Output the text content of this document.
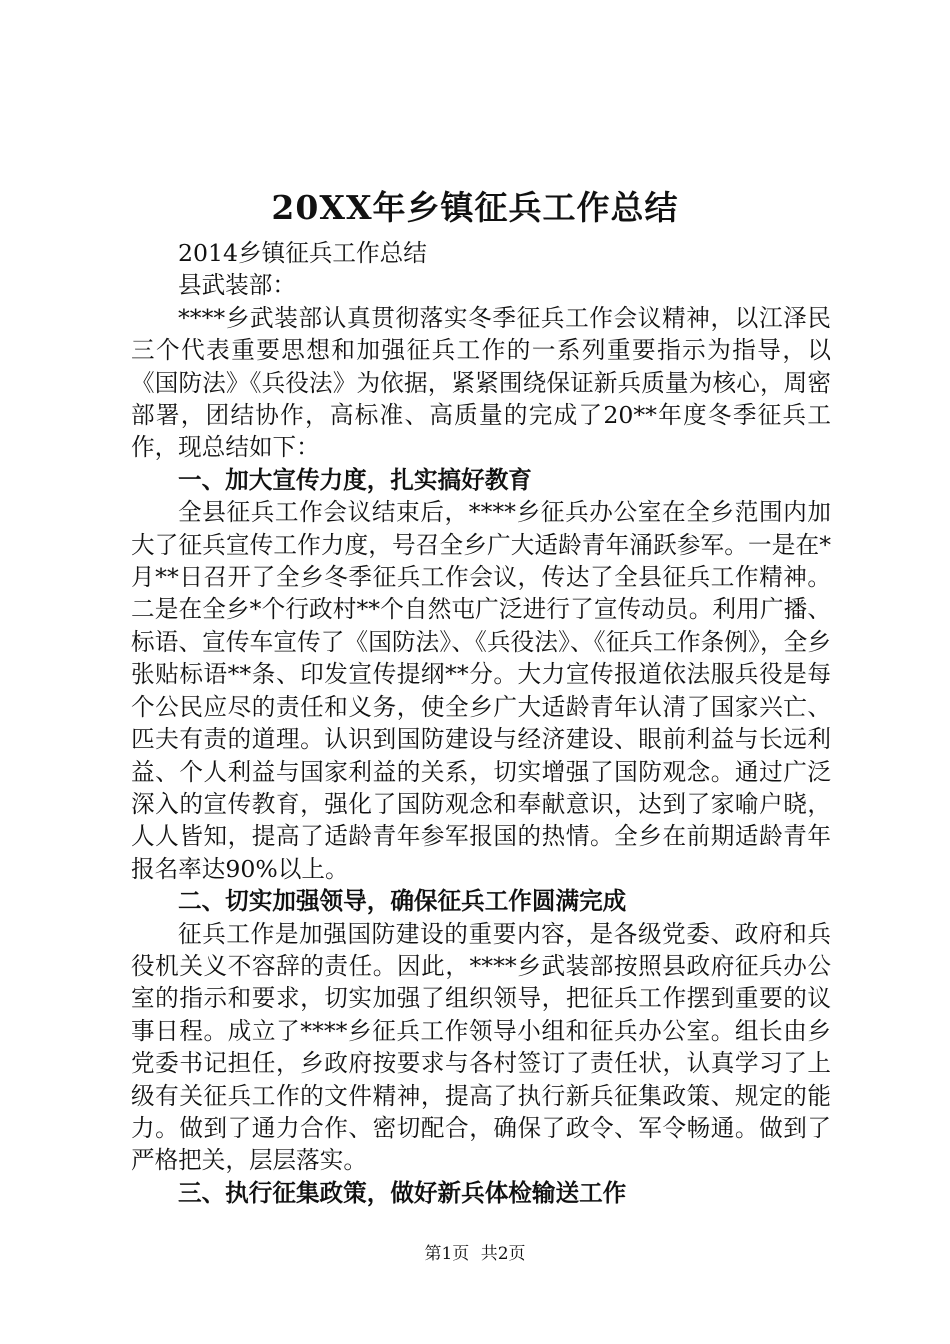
20XX年乡镇征兵工作总结

2014乡镇征兵工作总结

县武装部：

****乡武装部认真贯彻落实冬季征兵工作会议精神，以江泽民三个代表重要思想和加强征兵工作的一系列重要指示为指导，以《国防法》《兵役法》为依据，紧紧围绕保证新兵质量为核心，周密部署，团结协作，高标准、高质量的完成了20**年度冬季征兵工作，现总结如下：

一、加大宣传力度，扎实搞好教育

全县征兵工作会议结束后，****乡征兵办公室在全乡范围内加大了征兵宣传工作力度，号召全乡广大适龄青年涌跃参军。一是在*月**日召开了全乡冬季征兵工作会议，传达了全县征兵工作精神。二是在全乡*个行政村**个自然屯广泛进行了宣传动员。利用广播、标语、宣传车宣传了《国防法》、《兵役法》、《征兵工作条例》，全乡张贴标语**条、印发宣传提纲**分。大力宣传报道依法服兵役是每个公民应尽的责任和义务，使全乡广大适龄青年认清了国家兴亡、匹夫有责的道理。认识到国防建设与经济建设、眼前利益与长远利益、个人利益与国家利益的关系，切实增强了国防观念。通过广泛深入的宣传教育，强化了国防观念和奉献意识，达到了家喻户晓，人人皆知，提高了适龄青年参军报国的热情。全乡在前期适龄青年报名率达90%以上。

二、切实加强领导，确保征兵工作圆满完成

征兵工作是加强国防建设的重要内容，是各级党委、政府和兵役机关义不容辞的责任。因此，****乡武装部按照县政府征兵办公室的指示和要求，切实加强了组织领导，把征兵工作摆到重要的议事日程。成立了****乡征兵工作领导小组和征兵办公室。组长由乡党委书记担任，乡政府按要求与各村签订了责任状，认真学习了上级有关征兵工作的文件精神，提高了执行新兵征集政策、规定的能力。做到了通力合作、密切配合，确保了政令、军令畅通。做到了严格把关，层层落实。

三、执行征集政策，做好新兵体检输送工作

第1页 共2页
